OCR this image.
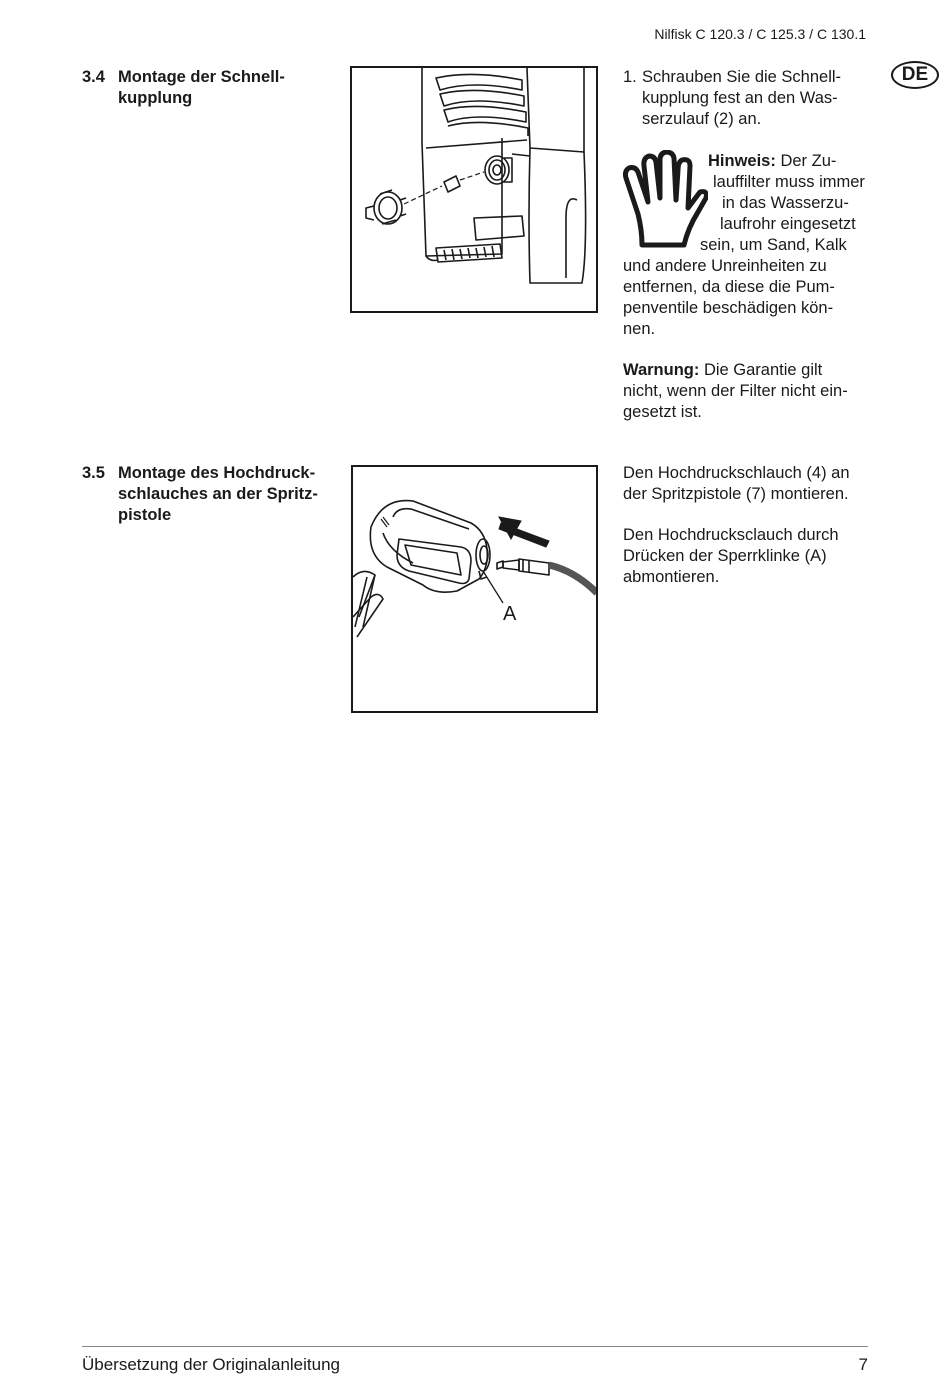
Nilfisk C 120.3 / C 125.3 / C 130.1
DE
3.4 Montage der Schnell-
kupplung
1. Schrauben Sie die Schnell-
kupplung fest an den Was-
serzulauf (2) an.
Hinweis: Der Zu-
lauffilter muss immer
in das Wasserzu-
laufrohr eingesetzt
sein, um Sand, Kalk
und andere Unreinheiten zu
entfernen, da diese die Pum-
penventile beschädigen kön-
nen.
Warnung: Die Garantie gilt
nicht, wenn der Filter nicht ein-
gesetzt ist.
3.5 Montage des Hochdruck-
schlauches an der Spritz-
pistole
A
Den Hochdruckschlauch (4) an
der Spritzpistole (7) montieren.
Den Hochdrucksclauch durch
Drücken der Sperrklinke (A)
abmontieren.
Übersetzung der Originalanleitung	7
